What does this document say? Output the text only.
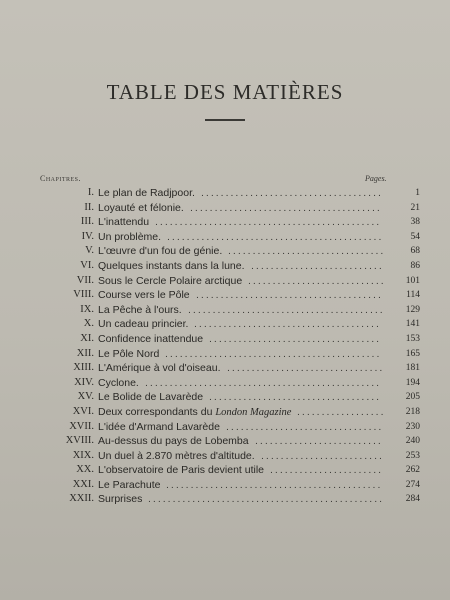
TABLE DES MATIÈRES
Chapitres.	Pages.
I. Le plan de Radjpoor. .....................................	1
II. Loyauté et félonie. .......................................	21
III. L'inattendu ..............................................	38
IV. Un problème. ............................................	54
V. L'œuvre d'un fou de génie. ................................	68
VI. Quelques instants dans la lune. ...........................	86
VII. Sous le Cercle Polaire arctique ............................	101
VIII. Course vers le Pôle ......................................	114
IX. La Pêche à l'ours. ........................................	129
X. Un cadeau princier. ......................................	141
XI. Confidence inattendue ...................................	153
XII. Le Pôle Nord ............................................	165
XIII. L'Amérique à vol d'oiseau. ................................	181
XIV. Cyclone. ................................................	194
XV. Le Bolide de Lavarède ...................................	205
XVI. Deux correspondants du London Magazine ..................	218
XVII. L'idée d'Armand Lavarède ................................	230
XVIII. Au-dessus du pays de Lobemba ..........................	240
XIX. Un duel à 2.870 mètres d'altitude. .........................	253
XX. L'observatoire de Paris devient utile .......................	262
XXI. Le Parachute ............................................	274
XXII. Surprises ................................................	284
